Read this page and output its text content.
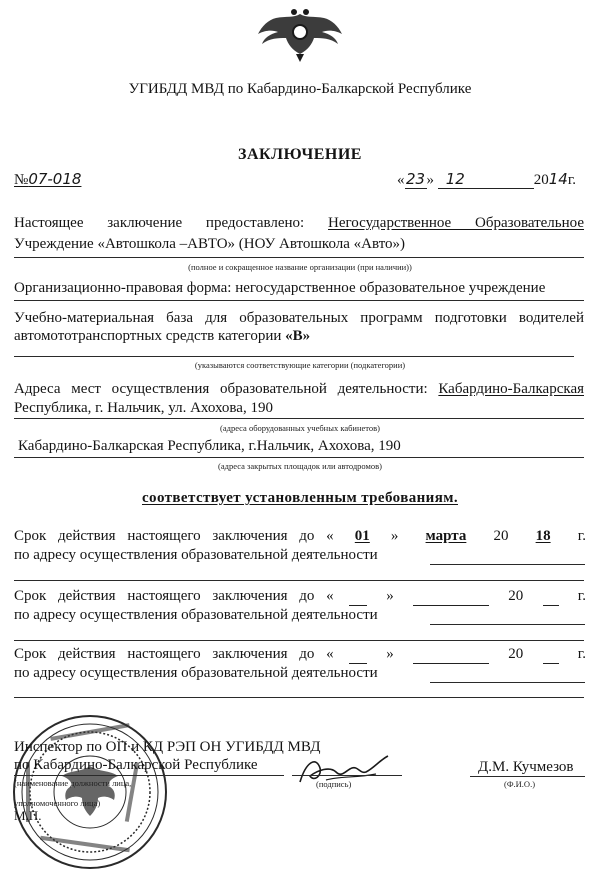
УГИБДД МВД по Кабардино-Балкарской Республике
ЗАКЛЮЧЕНИЕ
№07-018	«23» 12	2014г.
Настоящее заключение предоставлено: Негосударственное Образовательное
Учреждение «Автошкола –АВТО» (НОУ Автошкола «Авто»)
(полное и сокращенное название организации (при наличии))
Организационно-правовая форма: негосударственное образовательное учреждение
Учебно-материальная база для образовательных программ подготовки водителей
автомототранспортных средств категории «В»
(указываются соответствующие категории (подкатегории)
Адреса мест осуществления образовательной деятельности: Кабардино-Балкарская
Республика, г. Нальчик, ул. Ахохова, 190
(адреса оборудованных учебных кабинетов)
Кабардино-Балкарская Республика, г.Нальчик, Ахохова, 190
(адреса закрытых площадок или автодромов)
соответствует установленным требованиям.
Срок действия настоящего заключения до « 01 » марта 20 18 г.
по адресу осуществления образовательной деятельности
Срок действия настоящего заключения до «	»	20	г.
по адресу осуществления образовательной деятельности
Срок действия настоящего заключения до «	»	20	г.
по адресу осуществления образовательной деятельности
Инспектор по ОП и КД РЭП ОН УГИБДД МВД
по Кабардино-Балкарской Республике
(наименование должности лица,
уполномоченного лица)
М.П.
(подпись)
Д.М. Кучмезов
(Ф.И.О.)
